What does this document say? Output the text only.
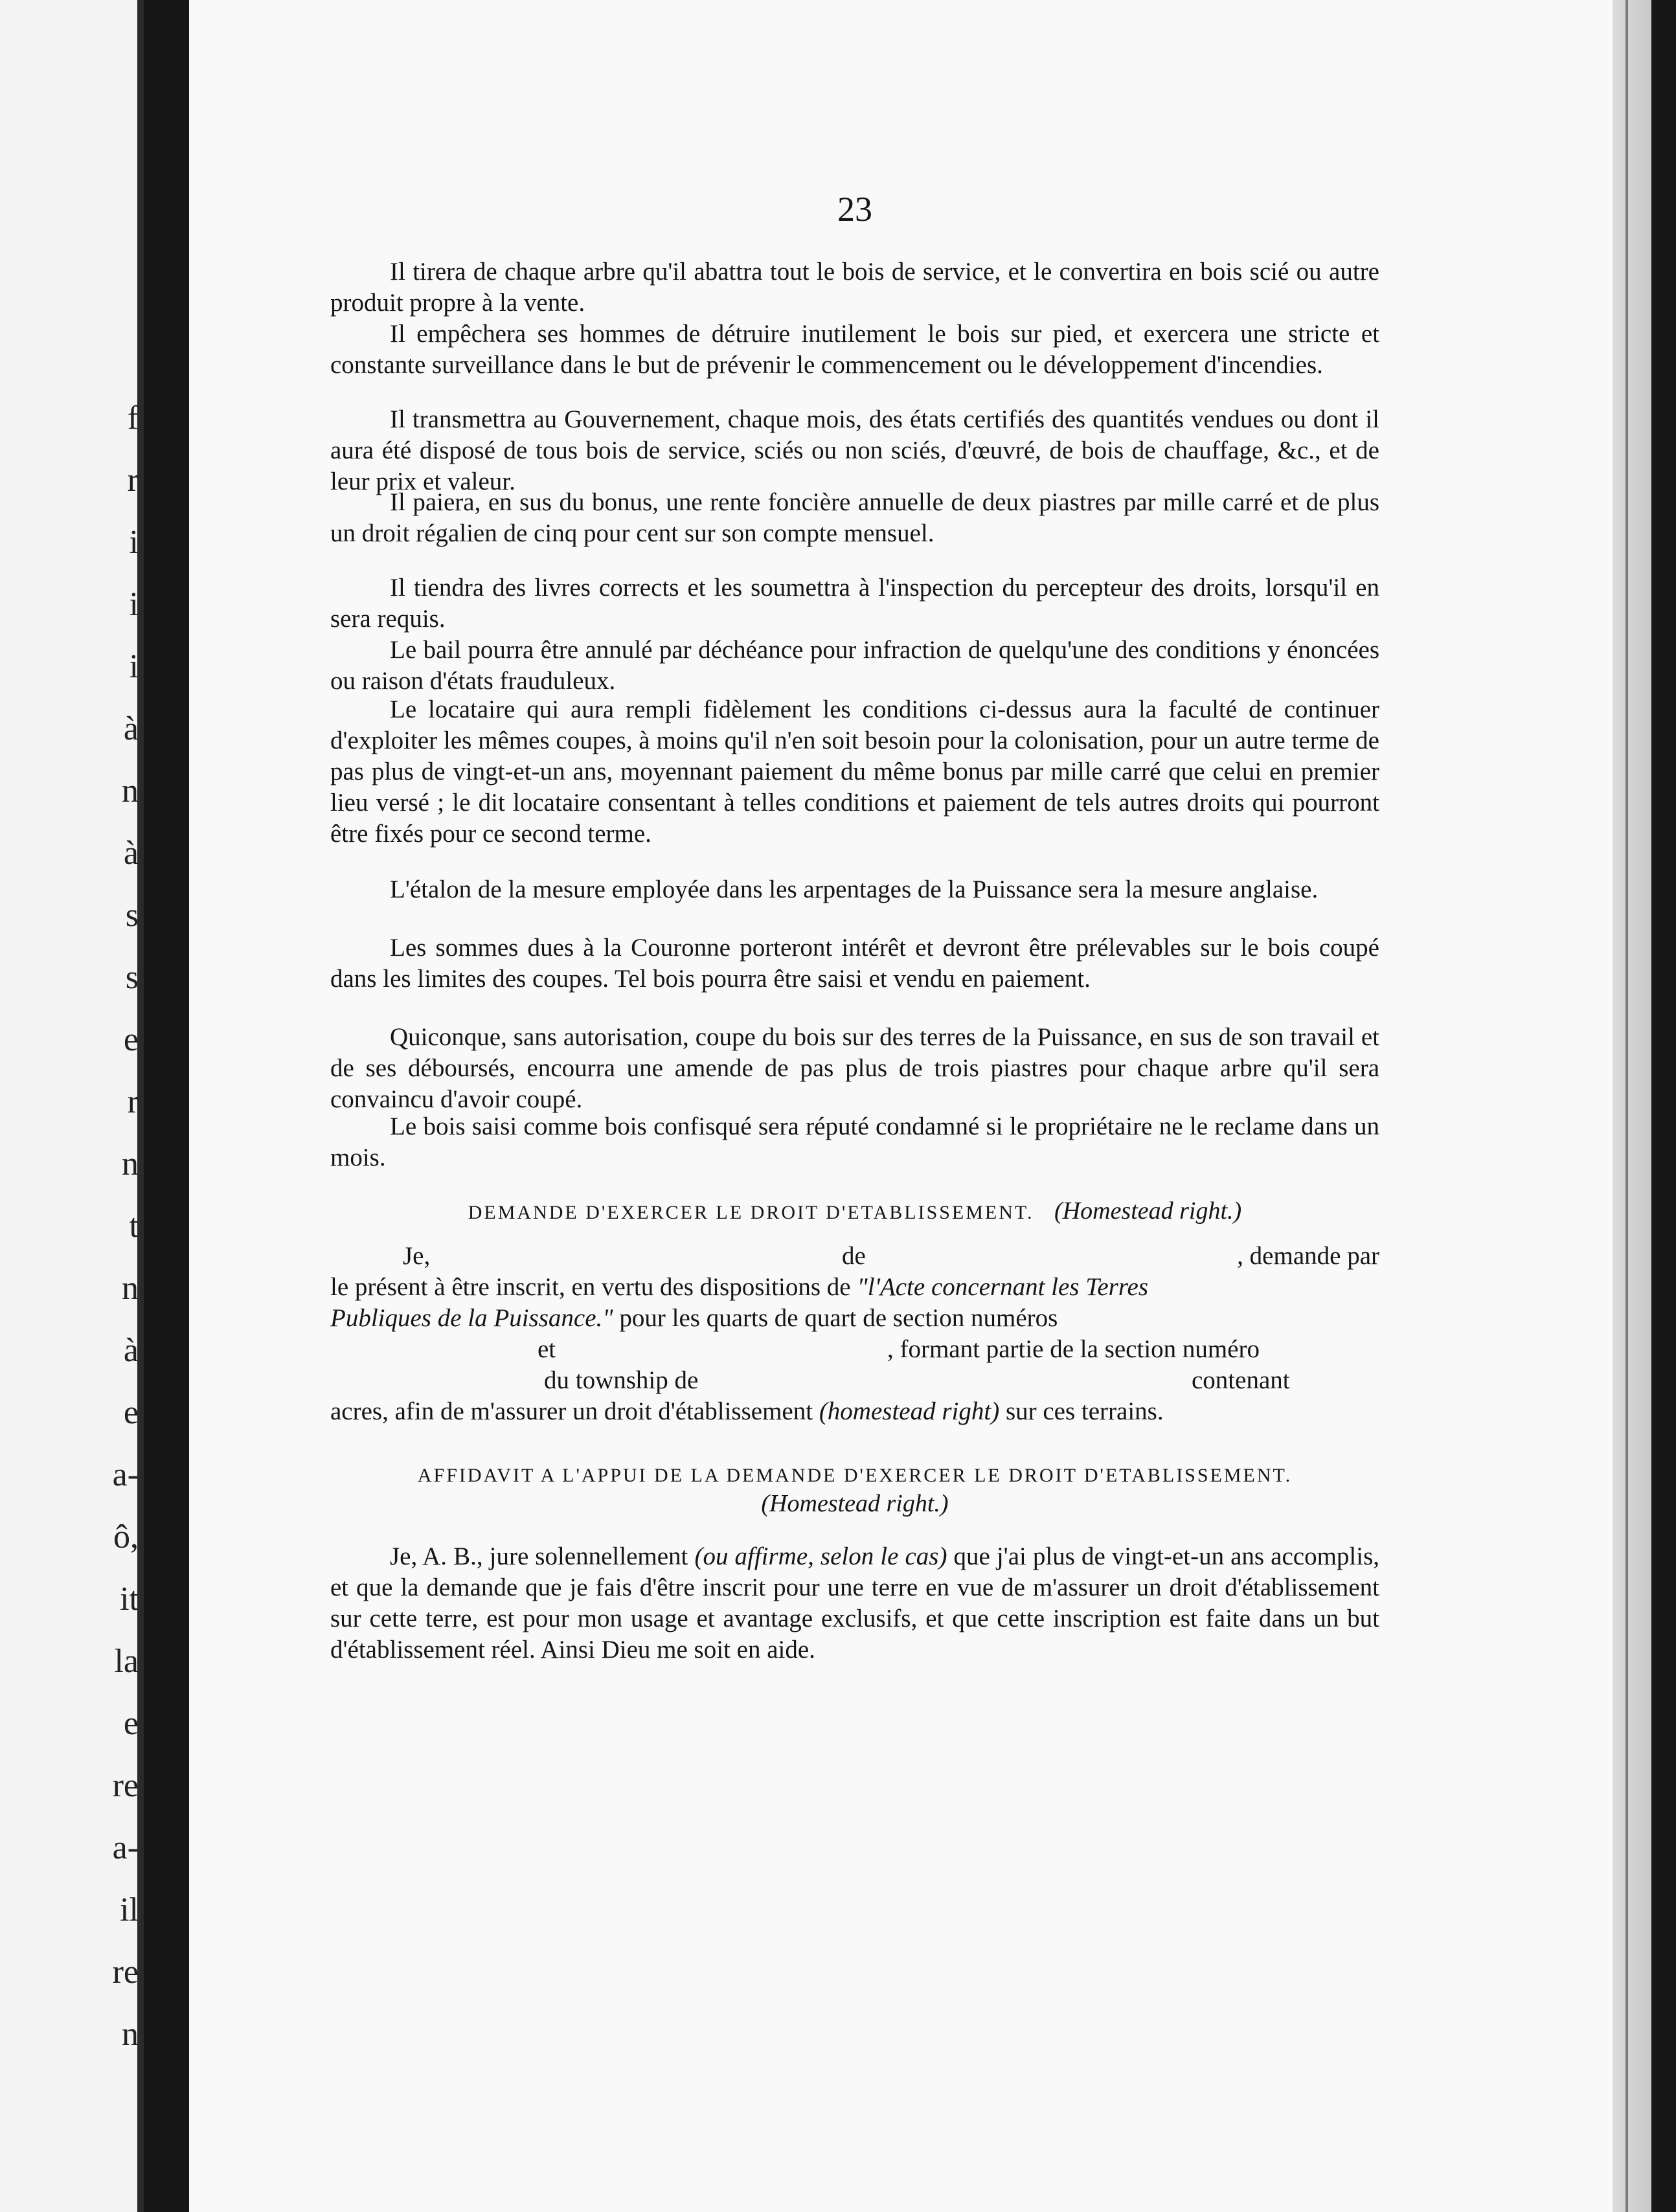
f
r
i
i
i
à
n
à
s
s
e
r
n
t
n
à
e
a-
ô,
it
la
e
re
a-
il
re
n
23

Il tirera de chaque arbre qu'il abattra tout le bois de service, et le convertira en bois scié ou autre produit propre à la vente.

Il empêchera ses hommes de détruire inutilement le bois sur pied, et exercera une stricte et constante surveillance dans le but de prévenir le commencement ou le développement d'incendies.

Il transmettra au Gouvernement, chaque mois, des états certifiés des quantités vendues ou dont il aura été disposé de tous bois de service, sciés ou non sciés, d'œuvré, de bois de chauffage, &c., et de leur prix et valeur.

Il paiera, en sus du bonus, une rente foncière annuelle de deux piastres par mille carré et de plus un droit régalien de cinq pour cent sur son compte mensuel.

Il tiendra des livres corrects et les soumettra à l'inspection du percepteur des droits, lorsqu'il en sera requis.

Le bail pourra être annulé par déchéance pour infraction de quelqu'une des conditions y énoncées ou raison d'états frauduleux.

Le locataire qui aura rempli fidèlement les conditions ci-dessus aura la faculté de continuer d'exploiter les mêmes coupes, à moins qu'il n'en soit besoin pour la colonisation, pour un autre terme de pas plus de vingt-et-un ans, moyennant paiement du même bonus par mille carré que celui en premier lieu versé ; le dit locataire consentant à telles conditions et paiement de tels autres droits qui pourront être fixés pour ce second terme.

L'étalon de la mesure employée dans les arpentages de la Puissance sera la mesure anglaise.

Les sommes dues à la Couronne porteront intérêt et devront être prélevables sur le bois coupé dans les limites des coupes. Tel bois pourra être saisi et vendu en paiement.

Quiconque, sans autorisation, coupe du bois sur des terres de la Puissance, en sus de son travail et de ses déboursés, encourra une amende de pas plus de trois piastres pour chaque arbre qu'il sera convaincu d'avoir coupé.

Le bois saisi comme bois confisqué sera réputé condamné si le propriétaire ne le reclame dans un mois.

DEMANDE D'EXERCER LE DROIT D'ETABLISSEMENT. (Homestead right.)

Je,	de	, demande par

le présent à être inscrit, en vertu des dispositions de "l'Acte concernant les Terres

Publiques de la Puissance." pour les quarts de quart de section numéros

et	, formant partie de la section numéro

du township de	contenant

acres, afin de m'assurer un droit d'établissement (homestead right) sur ces terrains.

AFFIDAVIT A L'APPUI DE LA DEMANDE D'EXERCER LE DROIT D'ETABLISSEMENT.

(Homestead right.)

Je, A. B., jure solennellement (ou affirme, selon le cas) que j'ai plus de vingt-et-un ans accomplis, et que la demande que je fais d'être inscrit pour une terre en vue de m'assurer un droit d'établissement sur cette terre, est pour mon usage et avantage exclusifs, et que cette inscription est faite dans un but d'établissement réel. Ainsi Dieu me soit en aide.
